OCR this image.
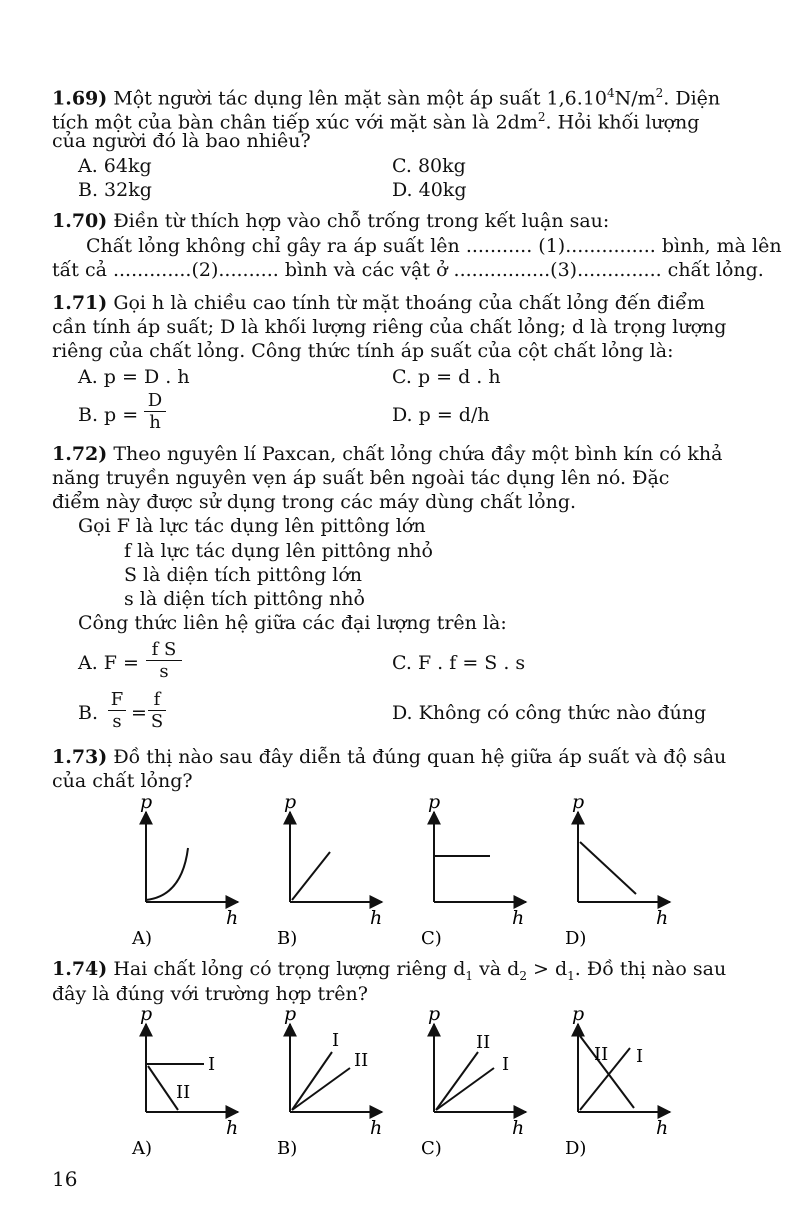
1.69) Một người tác dụng lên mặt sàn một áp suất $1,6.10^4N/m^2$. Diện
tích một của bàn chân tiếp xúc với mặt sàn là $2dm^2$. Hỏi khối lượng
của người đó là bao nhiêu?
A. 64kg	C. 80kg
B. 32kg	D. 40kg
1.70) Điền từ thích hợp vào chỗ trống trong kết luận sau:
Chất lỏng không chỉ gây ra áp suất lên ........... (1)............... bình, mà lên
tất cả .............(2).......... bình và các vật ở ................(3).............. chất lỏng.
1.71) Gọi h là chiều cao tính từ mặt thoáng của chất lỏng đến điểm
cần tính áp suất; D là khối lượng riêng của chất lỏng; d là trọng lượng
riêng của chất lỏng. Công thức tính áp suất của cột chất lỏng là:
A. p = D . h	C. p = d . h
B. $p = \frac{D}{h}$	D. p = d/h
1.72) Theo nguyên lí Paxcan, chất lỏng chứa đầy một bình kín có khả
năng truyền nguyên vẹn áp suất bên ngoài tác dụng lên nó. Đặc
điểm này được sử dụng trong các máy dùng chất lỏng.
Gọi F là lực tác dụng lên pittông lớn
f là lực tác dụng lên pittông nhỏ
S là diện tích pittông lớn
s là diện tích pittông nhỏ
Công thức liên hệ giữa các đại lượng trên là:
A. $F = \frac{\text{f S}}{s}$	C. F . f = S . s
B. $\frac{F}{s} = \frac{f}{S}$	D. Không có công thức nào đúng
1.73) Đồ thị nào sau đây diễn tả đúng quan hệ giữa áp suất và độ sâu
của chất lỏng?
p
h
A)
p
h
B)
p
h
C)
p
h
D)
1.74) Hai chất lỏng có trọng lượng riêng $d_1$ và $d_2 > d_1$. Đồ thị nào sau
đây là đúng với trường hợp trên?
I
II
p
h
A)
I
II
p
h
B)
II
I
p
h
C)
II I
p
h
D)
16
